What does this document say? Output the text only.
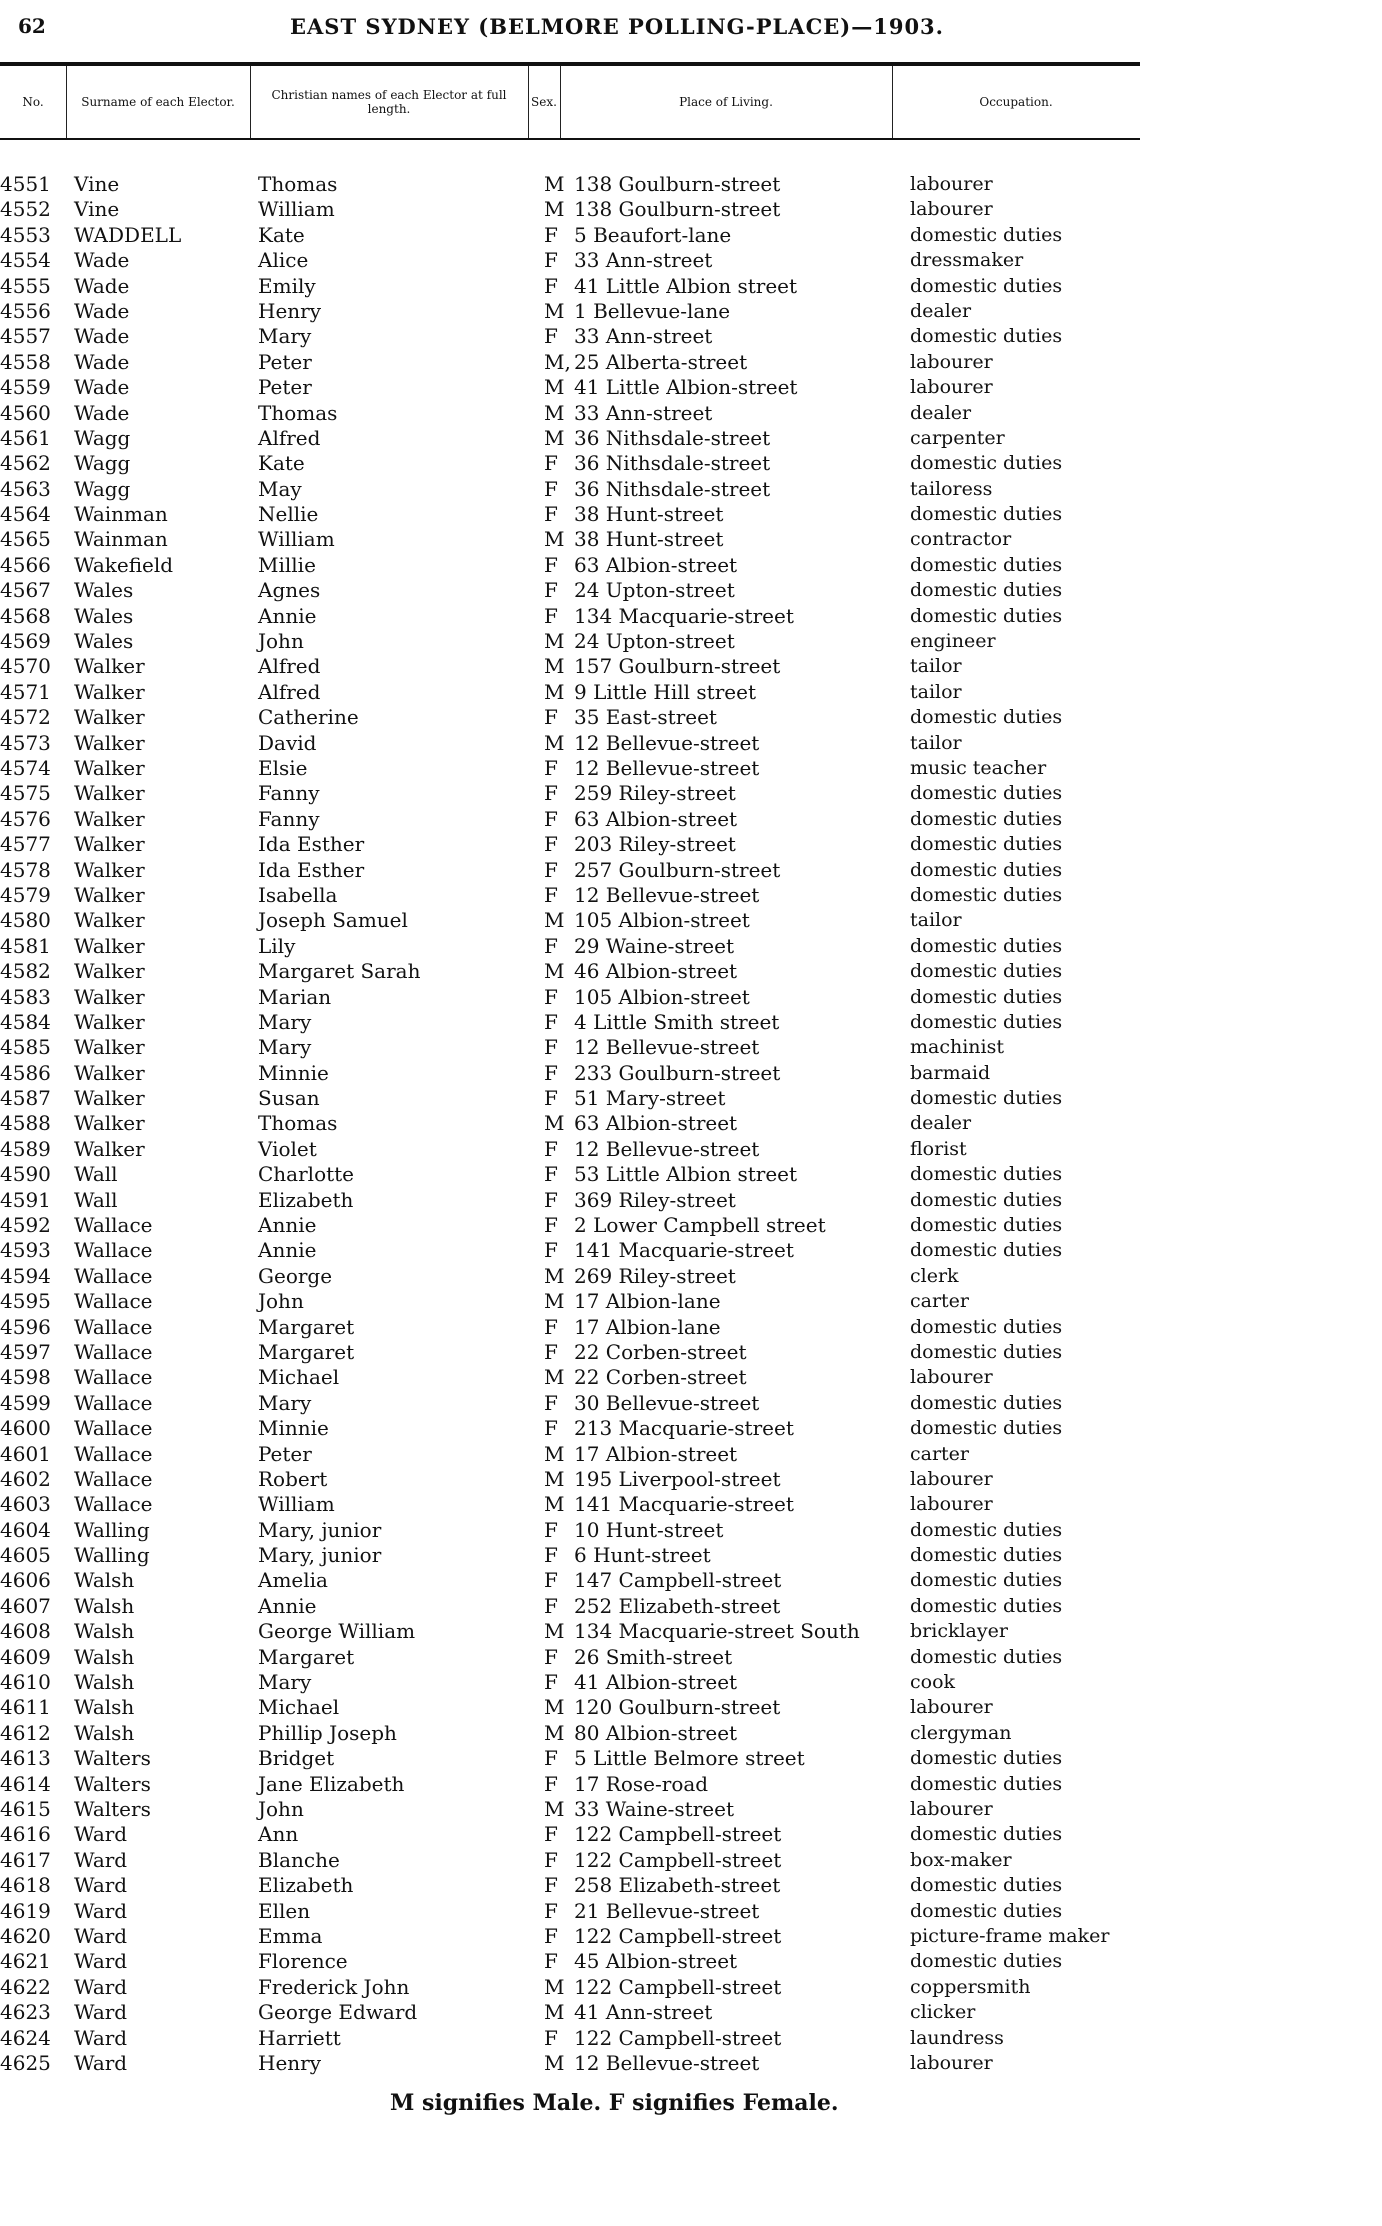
62	EAST SYDNEY (BELMORE POLLING-PLACE)—1903.
No.	Surname of each Elector.	Christian names of each Elector at full length.	Sex.	Place of Living.	Occupation.
4551	Vine	Thomas	M 138 Goulburn-street	labourer
4552	Vine	William	M 138 Goulburn-street	labourer
4553	WADDELL	Kate	F 5 Beaufort-lane	domestic duties
4554	Wade	Alice	F 33 Ann-street	dressmaker
4555	Wade	Emily	F 41 Little Albion street	domestic duties
4556	Wade	Henry	M 1 Bellevue-lane	dealer
4557	Wade	Mary	F 33 Ann-street	domestic duties
4558	Wade	Peter	M, 25 Alberta-street	labourer
4559	Wade	Peter	M 41 Little Albion-street	labourer
4560	Wade	Thomas	M 33 Ann-street	dealer
4561	Wagg	Alfred	M 36 Nithsdale-street	carpenter
4562	Wagg	Kate	F 36 Nithsdale-street	domestic duties
4563	Wagg	May	F 36 Nithsdale-street	tailoress
4564	Wainman	Nellie	F 38 Hunt-street	domestic duties
4565	Wainman	William	M 38 Hunt-street	contractor
4566	Wakefield	Millie	F 63 Albion-street	domestic duties
4567	Wales	Agnes	F 24 Upton-street	domestic duties
4568	Wales	Annie	F 134 Macquarie-street	domestic duties
4569	Wales	John	M 24 Upton-street	engineer
4570	Walker	Alfred	M 157 Goulburn-street	tailor
4571	Walker	Alfred	M 9 Little Hill street	tailor
4572	Walker	Catherine	F 35 East-street	domestic duties
4573	Walker	David	M 12 Bellevue-street	tailor
4574	Walker	Elsie	F 12 Bellevue-street	music teacher
4575	Walker	Fanny	F 259 Riley-street	domestic duties
4576	Walker	Fanny	F 63 Albion-street	domestic duties
4577	Walker	Ida Esther	F 203 Riley-street	domestic duties
4578	Walker	Ida Esther	F 257 Goulburn-street	domestic duties
4579	Walker	Isabella	F 12 Bellevue-street	domestic duties
4580	Walker	Joseph Samuel	M 105 Albion-street	tailor
4581	Walker	Lily	F 29 Waine-street	domestic duties
4582	Walker	Margaret Sarah	M 46 Albion-street	domestic duties
4583	Walker	Marian	F 105 Albion-street	domestic duties
4584	Walker	Mary	F 4 Little Smith street	domestic duties
4585	Walker	Mary	F 12 Bellevue-street	machinist
4586	Walker	Minnie	F 233 Goulburn-street	barmaid
4587	Walker	Susan	F 51 Mary-street	domestic duties
4588	Walker	Thomas	M 63 Albion-street	dealer
4589	Walker	Violet	F 12 Bellevue-street	florist
4590	Wall	Charlotte	F 53 Little Albion street	domestic duties
4591	Wall	Elizabeth	F 369 Riley-street	domestic duties
4592	Wallace	Annie	F 2 Lower Campbell street	domestic duties
4593	Wallace	Annie	F 141 Macquarie-street	domestic duties
4594	Wallace	George	M 269 Riley-street	clerk
4595	Wallace	John	M 17 Albion-lane	carter
4596	Wallace	Margaret	F 17 Albion-lane	domestic duties
4597	Wallace	Margaret	F 22 Corben-street	domestic duties
4598	Wallace	Michael	M 22 Corben-street	labourer
4599	Wallace	Mary	F 30 Bellevue-street	domestic duties
4600	Wallace	Minnie	F 213 Macquarie-street	domestic duties
4601	Wallace	Peter	M 17 Albion-street	carter
4602	Wallace	Robert	M 195 Liverpool-street	labourer
4603	Wallace	William	M 141 Macquarie-street	labourer
4604	Walling	Mary, junior	F 10 Hunt-street	domestic duties
4605	Walling	Mary, junior	F 6 Hunt-street	domestic duties
4606	Walsh	Amelia	F 147 Campbell-street	domestic duties
4607	Walsh	Annie	F 252 Elizabeth-street	domestic duties
4608	Walsh	George William	M 134 Macquarie-street South	bricklayer
4609	Walsh	Margaret	F 26 Smith-street	domestic duties
4610	Walsh	Mary	F 41 Albion-street	cook
4611	Walsh	Michael	M 120 Goulburn-street	labourer
4612	Walsh	Phillip Joseph	M 80 Albion-street	clergyman
4613	Walters	Bridget	F 5 Little Belmore street	domestic duties
4614	Walters	Jane Elizabeth	F 17 Rose-road	domestic duties
4615	Walters	John	M 33 Waine-street	labourer
4616	Ward	Ann	F 122 Campbell-street	domestic duties
4617	Ward	Blanche	F 122 Campbell-street	box-maker
4618	Ward	Elizabeth	F 258 Elizabeth-street	domestic duties
4619	Ward	Ellen	F 21 Bellevue-street	domestic duties
4620	Ward	Emma	F 122 Campbell-street	picture-frame maker
4621	Ward	Florence	F 45 Albion-street	domestic duties
4622	Ward	Frederick John	M 122 Campbell-street	coppersmith
4623	Ward	George Edward	M 41 Ann-street	clicker
4624	Ward	Harriett	F 122 Campbell-street	laundress
4625	Ward	Henry	M 12 Bellevue-street	labourer
M signifies Male. F signifies Female.
